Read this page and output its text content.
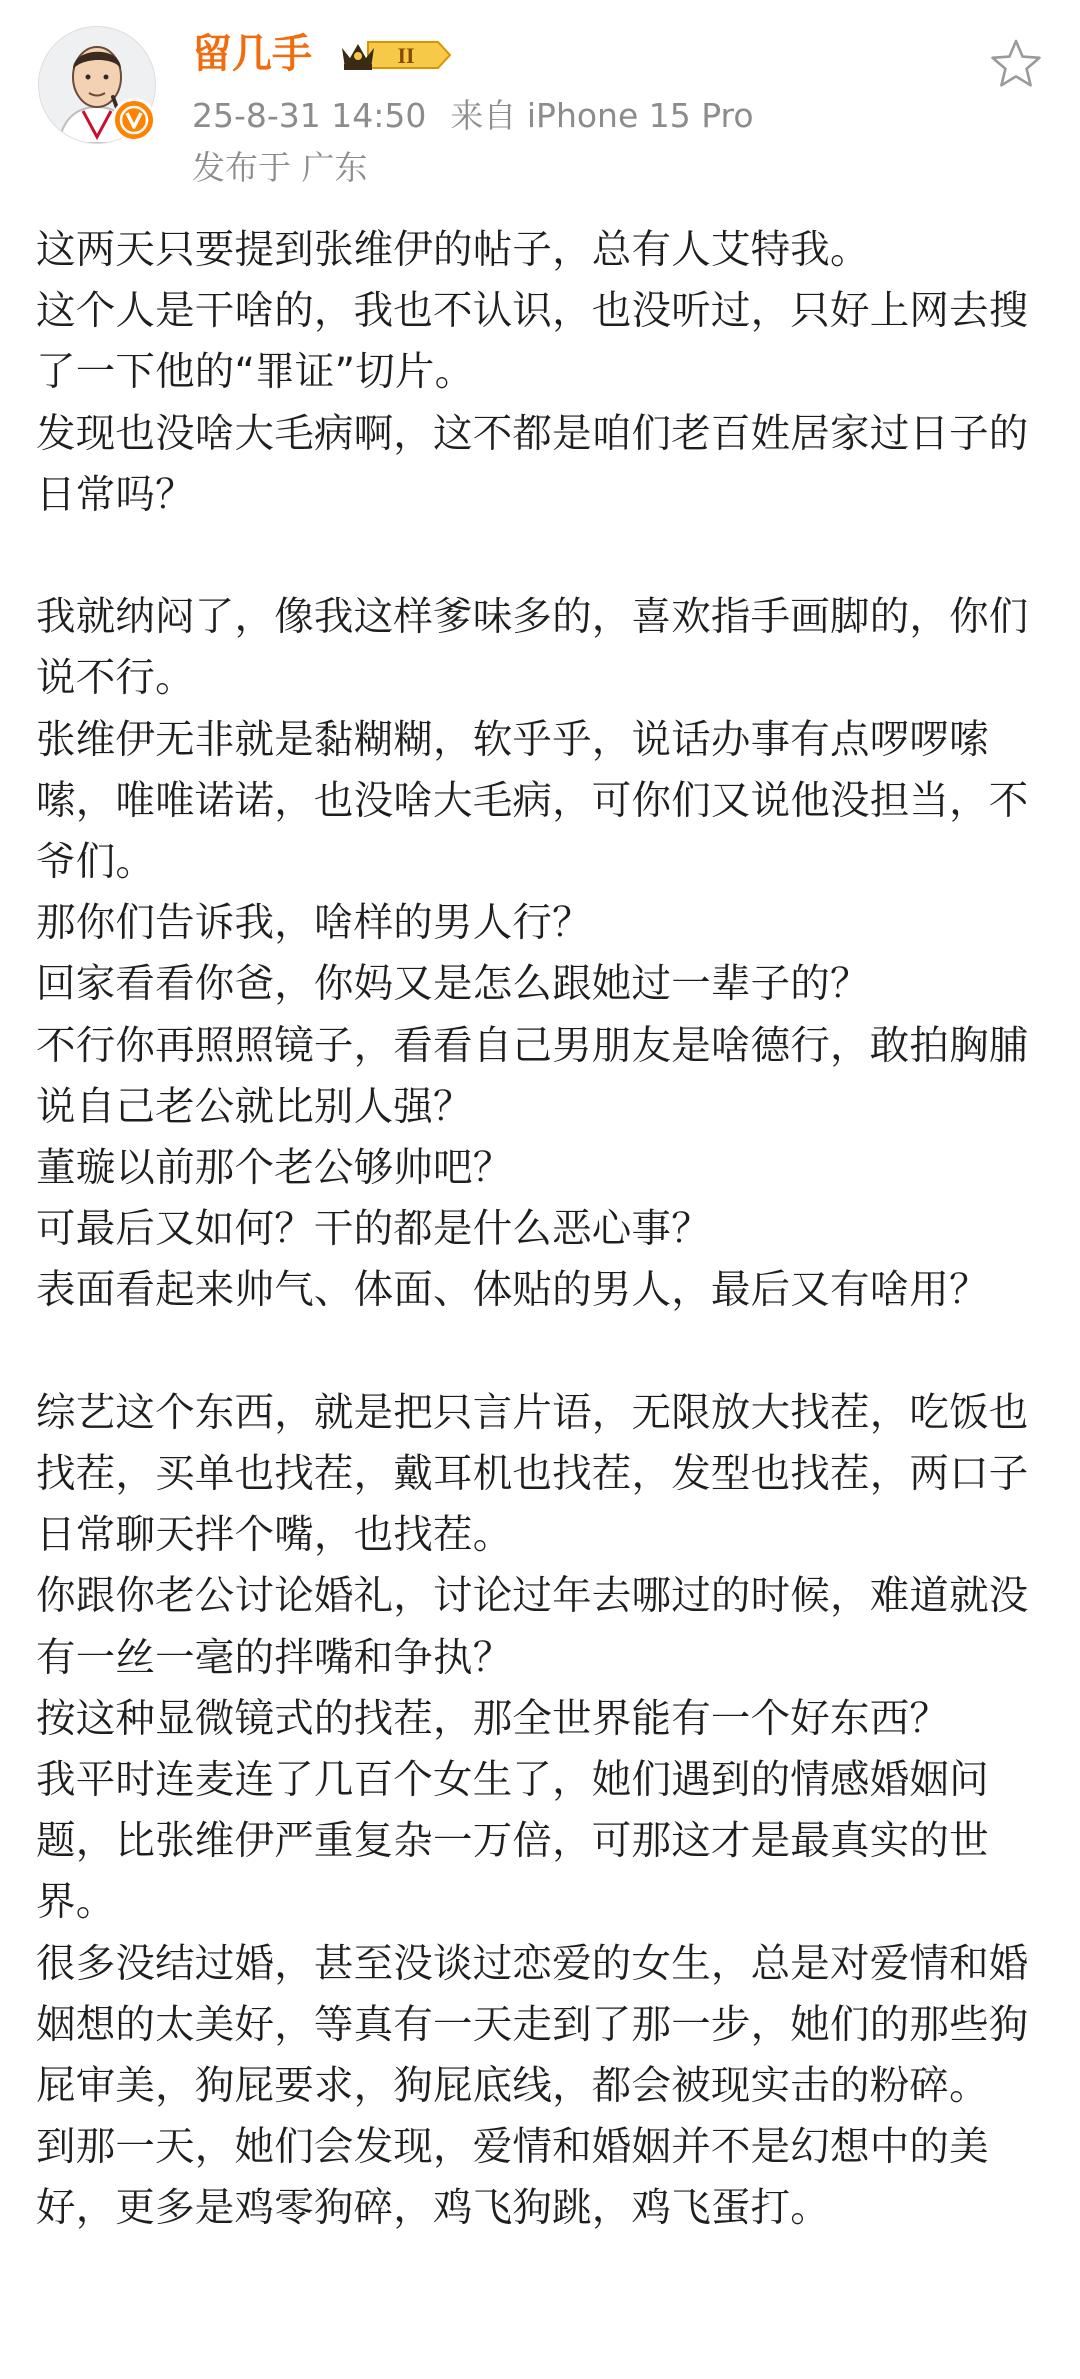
留几手	II
25-8-31 14:50 来自 iPhone 15 Pro
发布于 广东

这两天只要提到张维伊的帖子，总有人艾特我。

这个人是干啥的，我也不认识，也没听过，只好上网去搜了一下他的“罪证”切片。

发现也没啥大毛病啊，这不都是咱们老百姓居家过日子的日常吗？

我就纳闷了，像我这样爹味多的，喜欢指手画脚的，你们说不行。

张维伊无非就是黏糊糊，软乎乎，说话办事有点啰啰嗦嗦，唯唯诺诺，也没啥大毛病，可你们又说他没担当，不爷们。

那你们告诉我，啥样的男人行？

回家看看你爸，你妈又是怎么跟她过一辈子的？

不行你再照照镜子，看看自己男朋友是啥德行，敢拍胸脯说自己老公就比别人强？

董璇以前那个老公够帅吧？

可最后又如何？干的都是什么恶心事？

表面看起来帅气、体面、体贴的男人，最后又有啥用？

综艺这个东西，就是把只言片语，无限放大找茬，吃饭也找茬，买单也找茬，戴耳机也找茬，发型也找茬，两口子日常聊天拌个嘴，也找茬。

你跟你老公讨论婚礼，讨论过年去哪过的时候，难道就没有一丝一毫的拌嘴和争执？

按这种显微镜式的找茬，那全世界能有一个好东西？

我平时连麦连了几百个女生了，她们遇到的情感婚姻问题，比张维伊严重复杂一万倍，可那这才是最真实的世界。

很多没结过婚，甚至没谈过恋爱的女生，总是对爱情和婚姻想的太美好，等真有一天走到了那一步，她们的那些狗屁审美，狗屁要求，狗屁底线，都会被现实击的粉碎。

到那一天，她们会发现，爱情和婚姻并不是幻想中的美好，更多是鸡零狗碎，鸡飞狗跳，鸡飞蛋打。
